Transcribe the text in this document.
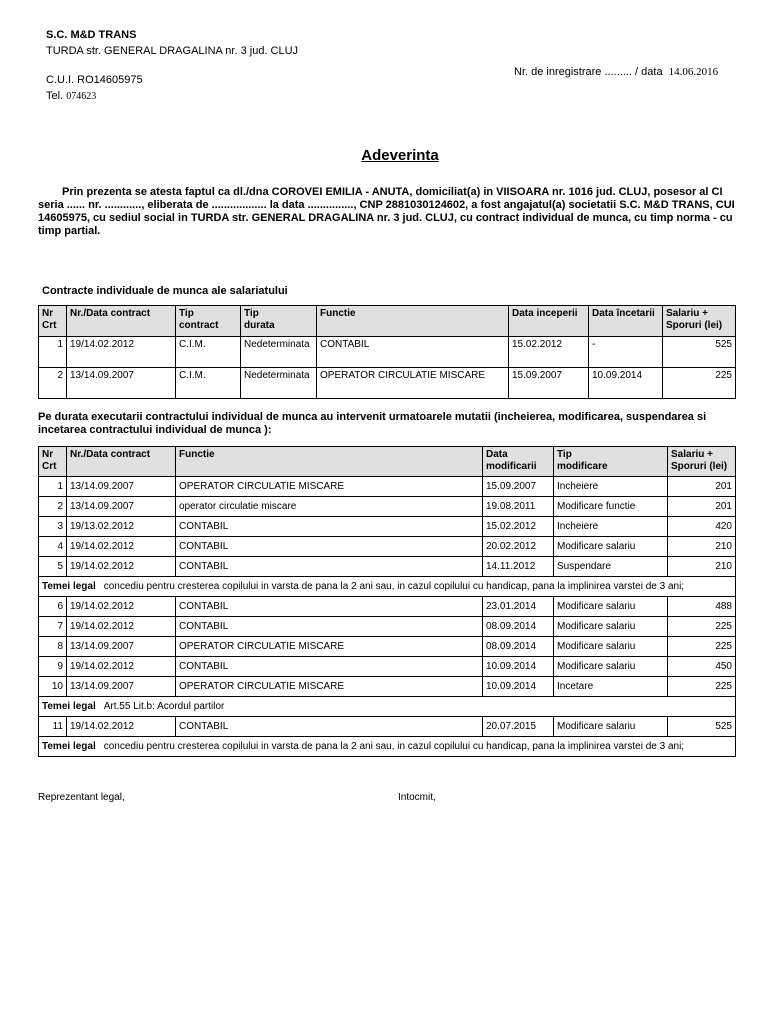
S.C. M&D TRANS
TURDA str. GENERAL DRAGALINA nr. 3 jud. CLUJ
C.U.I. RO14605975
Tel. 074623
Nr. de inregistrare ......... / data 14.06.2016
Adeverinta
Prin prezenta se atesta faptul ca dl./dna COROVEI EMILIA - ANUTA, domiciliat(a) in VIISOARA nr. 1016 jud. CLUJ, posesor al CI seria ...... nr. ............, eliberata de .................. la data ..............., CNP 2881030124602, a fost angajatul(a) societatii S.C. M&D TRANS, CUI 14605975, cu sediul social in TURDA str. GENERAL DRAGALINA nr. 3 jud. CLUJ, cu contract individual de munca, cu timp norma - cu timp partial.
Contracte individuale de munca ale salariatului
Nr
Crt	Nr./Data contract	Tip
contract	Tip
durata	Functie	Data inceperii	Data încetarii	Salariu +
Sporuri (lei)
1	19/14.02.2012	C.I.M.	Nedeterminata	CONTABIL	15.02.2012	-	525
2	13/14.09.2007	C.I.M.	Nedeterminata	OPERATOR CIRCULATIE MISCARE	15.09.2007	10.09.2014	225
Pe durata executarii contractului individual de munca au intervenit urmatoarele mutatii (incheierea, modificarea, suspendarea si incetarea contractului individual de munca ):
Nr
Crt	Nr./Data contract	Functie	Data
modificarii	Tip
modificare	Salariu +
Sporuri (lei)
1	13/14.09.2007	OPERATOR CIRCULATIE MISCARE	15.09.2007	Incheiere	201
2	13/14.09.2007	operator circulatie miscare	19.08.2011	Modificare functie	201
3	19/13.02.2012	CONTABIL	15.02.2012	Incheiere	420
4	19/14.02.2012	CONTABIL	20.02.2012	Modificare salariu	210
5	19/14.02.2012	CONTABIL	14.11.2012	Suspendare	210
Temei legal concediu pentru cresterea copilului in varsta de pana la 2 ani sau, in cazul copilului cu handicap, pana la implinirea varstei de 3 ani;					
6	19/14.02.2012	CONTABIL	23.01.2014	Modificare salariu	488
7	19/14.02.2012	CONTABIL	08.09.2014	Modificare salariu	225
8	13/14.09.2007	OPERATOR CIRCULATIE MISCARE	08.09.2014	Modificare salariu	225
9	19/14.02.2012	CONTABIL	10.09.2014	Modificare salariu	450
10	13/14.09.2007	OPERATOR CIRCULATIE MISCARE	10.09.2014	Incetare	225
Temei legal Art.55 Lit.b: Acordul partilor					
11	19/14.02.2012	CONTABIL	20.07.2015	Modificare salariu	525
Temei legal concediu pentru cresterea copilului in varsta de pana la 2 ani sau, in cazul copilului cu handicap, pana la implinirea varstei de 3 ani;					
Reprezentant legal,	Intocmit,
